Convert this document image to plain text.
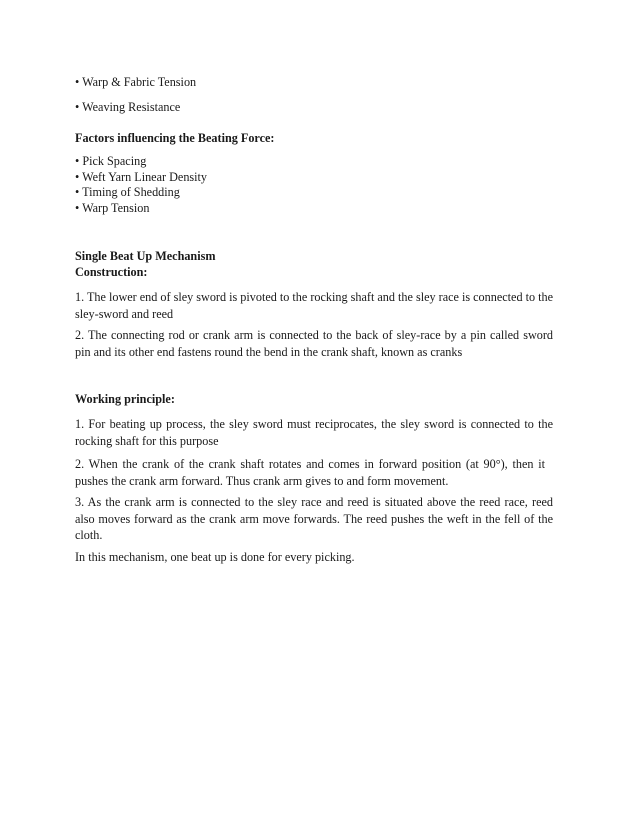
• Warp & Fabric Tension

• Weaving Resistance

Factors influencing the Beating Force:

• Pick Spacing

• Weft Yarn Linear Density

• Timing of Shedding

• Warp Tension

Single Beat Up Mechanism

Construction:

1. The lower end of sley sword is pivoted to the rocking shaft and the sley race is connected to the sley-sword and reed

2. The connecting rod or crank arm is connected to the back of sley-race by a pin called sword pin and its other end fastens round the bend in the crank shaft, known as cranks

Working principle:

1. For beating up process, the sley sword must reciprocates, the sley sword is connected to the rocking shaft for this purpose

2. When the crank of the crank shaft rotates and comes in forward position (at 90°), then it pushes the crank arm forward. Thus crank arm gives to and form movement.

3. As the crank arm is connected to the sley race and reed is situated above the reed race, reed also moves forward as the crank arm move forwards. The reed pushes the weft in the fell of the cloth.

In this mechanism, one beat up is done for every picking.
